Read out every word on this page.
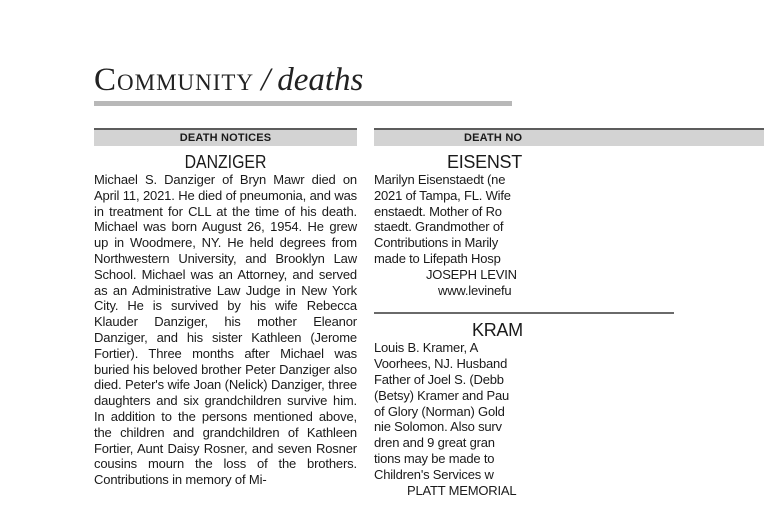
Community / deaths
DEATH NOTICES
DANZIGER

Michael S. Danziger of Bryn Mawr died on April 11, 2021. He died of pneumonia, and was in treatment for CLL at the time of his death. Michael was born August 26, 1954. He grew up in Woodmere, NY. He held degrees from Northwestern University, and Brooklyn Law School. Michael was an Attorney, and served as an Administrative Law Judge in New York City. He is survived by his wife Rebecca Klauder Danziger, his mother Eleanor Danziger, and his sister Kathleen (Jerome Fortier). Three months after Michael was buried his beloved brother Peter Danziger also died. Peter's wife Joan (Nelick) Danziger, three daughters and six grandchildren survive him. In addition to the persons mentioned above, the children and grandchildren of Kathleen Fortier, Aunt Daisy Rosner, and seven Rosner cousins mourn the loss of the brothers. Contributions in memory of Mi-

DEATH NO
EISENST
Marilyn Eisenstaedt (ne
2021 of Tampa, FL. Wife
enstaedt. Mother of Ro
staedt. Grandmother of
Contributions in Marily
made to Lifepath Hosp
JOSEPH LEVIN
www.levinefu
KRAM
Louis B. Kramer, A
Voorhees, NJ. Husband
Father of Joel S. (Debb
(Betsy) Kramer and Pau
of Glory (Norman) Gold
nie Solomon. Also surv
dren and 9 great gran
tions may be made to
Children's Services w
PLATT MEMORIAL
